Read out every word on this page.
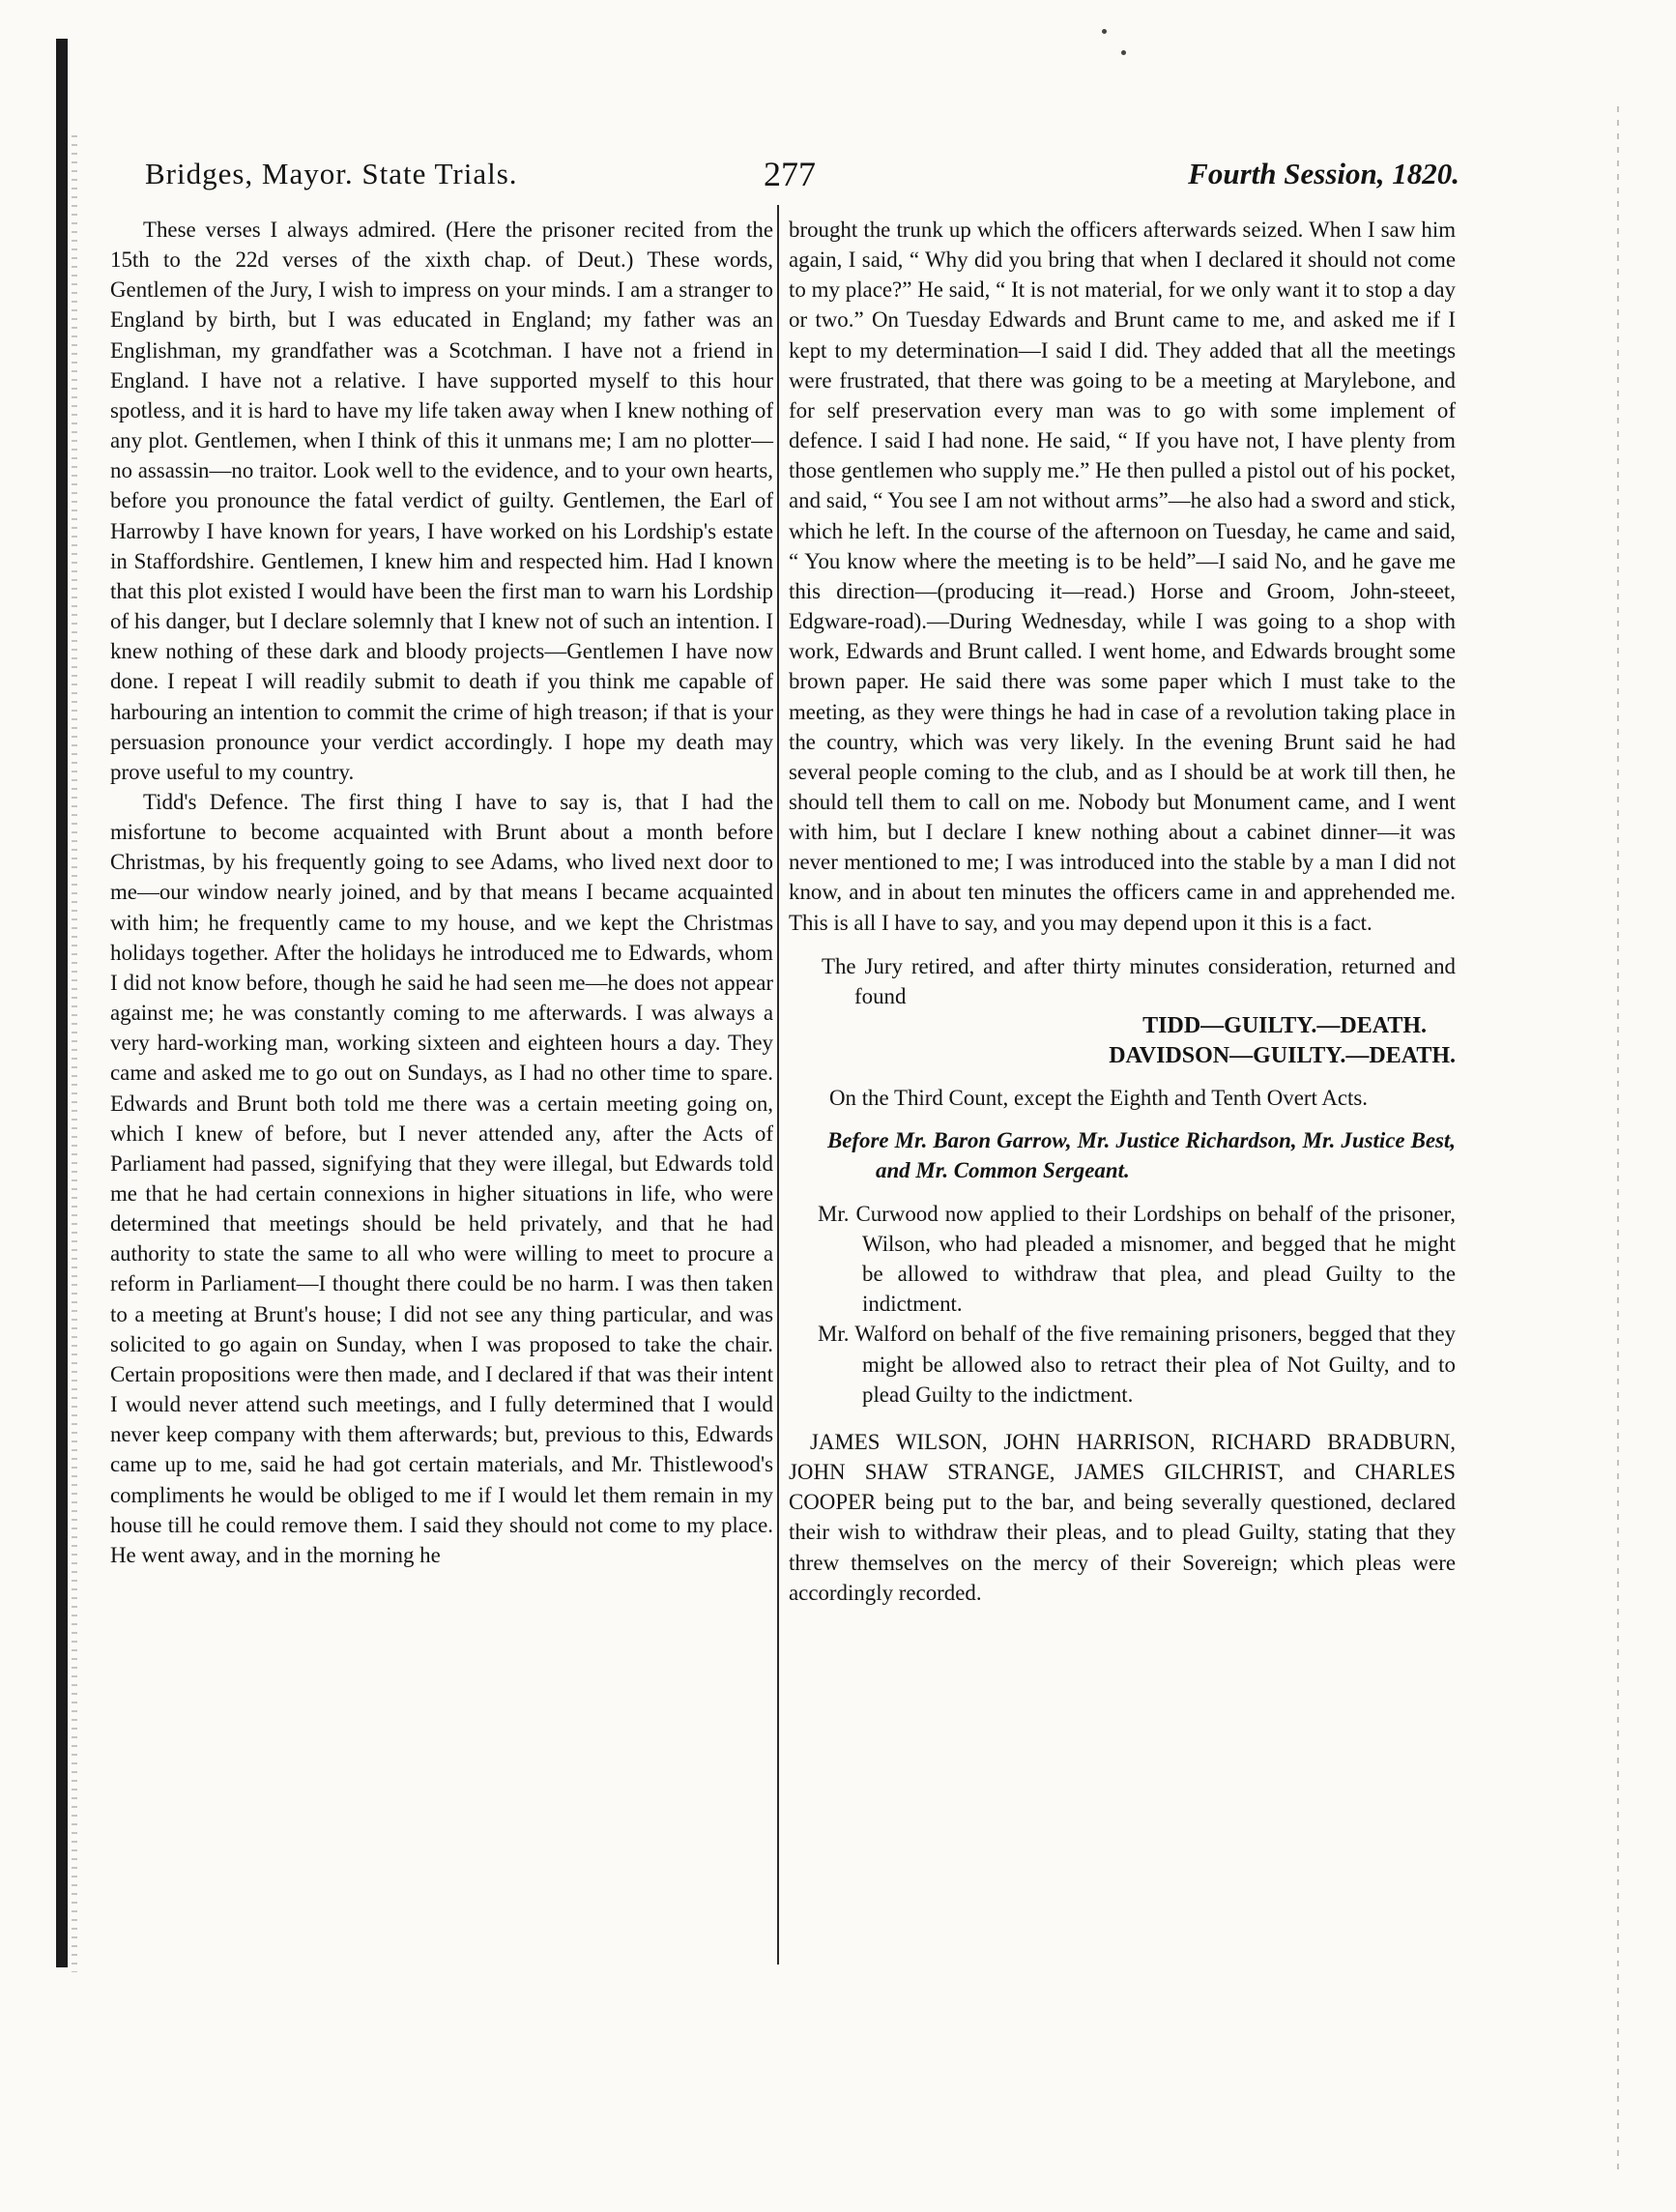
Bridges, Mayor. State Trials.	277	Fourth Session, 1820.

These verses I always admired. (Here the prisoner recited from the 15th to the 22d verses of the xixth chap. of Deut.) These words, Gentlemen of the Jury, I wish to impress on your minds. I am a stranger to England by birth, but I was educated in England; my father was an Englishman, my grandfather was a Scotchman. I have not a friend in England. I have not a relative. I have supported myself to this hour spotless, and it is hard to have my life taken away when I knew nothing of any plot. Gentlemen, when I think of this it unmans me; I am no plotter—no assassin—no traitor. Look well to the evidence, and to your own hearts, before you pronounce the fatal verdict of guilty. Gentlemen, the Earl of Harrowby I have known for years, I have worked on his Lordship's estate in Staffordshire. Gentlemen, I knew him and respected him. Had I known that this plot existed I would have been the first man to warn his Lordship of his danger, but I declare solemnly that I knew not of such an intention. I knew nothing of these dark and bloody projects—Gentlemen I have now done. I repeat I will readily submit to death if you think me capable of harbouring an intention to commit the crime of high treason; if that is your persuasion pronounce your verdict accordingly. I hope my death may prove useful to my country.

Tidd's Defence. The first thing I have to say is, that I had the misfortune to become acquainted with Brunt about a month before Christmas, by his frequently going to see Adams, who lived next door to me—our window nearly joined, and by that means I became acquainted with him; he frequently came to my house, and we kept the Christmas holidays together. After the holidays he introduced me to Edwards, whom I did not know before, though he said he had seen me—he does not appear against me; he was constantly coming to me afterwards. I was always a very hard-working man, working sixteen and eighteen hours a day. They came and asked me to go out on Sundays, as I had no other time to spare. Edwards and Brunt both told me there was a certain meeting going on, which I knew of before, but I never attended any, after the Acts of Parliament had passed, signifying that they were illegal, but Edwards told me that he had certain connexions in higher situations in life, who were determined that meetings should be held privately, and that he had authority to state the same to all who were willing to meet to procure a reform in Parliament—I thought there could be no harm. I was then taken to a meeting at Brunt's house; I did not see any thing particular, and was solicited to go again on Sunday, when I was proposed to take the chair. Certain propositions were then made, and I declared if that was their intent I would never attend such meetings, and I fully determined that I would never keep company with them afterwards; but, previous to this, Edwards came up to me, said he had got certain materials, and Mr. Thistlewood's compliments he would be obliged to me if I would let them remain in my house till he could remove them. I said they should not come to my place. He went away, and in the morning he

brought the trunk up which the officers afterwards seized. When I saw him again, I said, “ Why did you bring that when I declared it should not come to my place?” He said, “ It is not material, for we only want it to stop a day or two.” On Tuesday Edwards and Brunt came to me, and asked me if I kept to my determination—I said I did. They added that all the meetings were frustrated, that there was going to be a meeting at Marylebone, and for self preservation every man was to go with some implement of defence. I said I had none. He said, “ If you have not, I have plenty from those gentlemen who supply me.” He then pulled a pistol out of his pocket, and said, “ You see I am not without arms”—he also had a sword and stick, which he left. In the course of the afternoon on Tuesday, he came and said, “ You know where the meeting is to be held”—I said No, and he gave me this direction—(producing it—read.) Horse and Groom, John-steeet, Edgware-road).—During Wednesday, while I was going to a shop with work, Edwards and Brunt called. I went home, and Edwards brought some brown paper. He said there was some paper which I must take to the meeting, as they were things he had in case of a revolution taking place in the country, which was very likely. In the evening Brunt said he had several people coming to the club, and as I should be at work till then, he should tell them to call on me. Nobody but Monument came, and I went with him, but I declare I knew nothing about a cabinet dinner—it was never mentioned to me; I was introduced into the stable by a man I did not know, and in about ten minutes the officers came in and apprehended me. This is all I have to say, and you may depend upon it this is a fact.

The Jury retired, and after thirty minutes consideration, returned and found

TIDD—GUILTY.—DEATH.

DAVIDSON—GUILTY.—DEATH.

On the Third Count, except the Eighth and Tenth Overt Acts.

Before Mr. Baron Garrow, Mr. Justice Richardson, Mr. Justice Best, and Mr. Common Sergeant.

Mr. Curwood now applied to their Lordships on behalf of the prisoner, Wilson, who had pleaded a misnomer, and begged that he might be allowed to withdraw that plea, and plead Guilty to the indictment.

Mr. Walford on behalf of the five remaining prisoners, begged that they might be allowed also to retract their plea of Not Guilty, and to plead Guilty to the indictment.

JAMES WILSON, JOHN HARRISON, RICHARD BRADBURN, JOHN SHAW STRANGE, JAMES GILCHRIST, and CHARLES COOPER being put to the bar, and being severally questioned, declared their wish to withdraw their pleas, and to plead Guilty, stating that they threw themselves on the mercy of their Sovereign; which pleas were accordingly recorded.
